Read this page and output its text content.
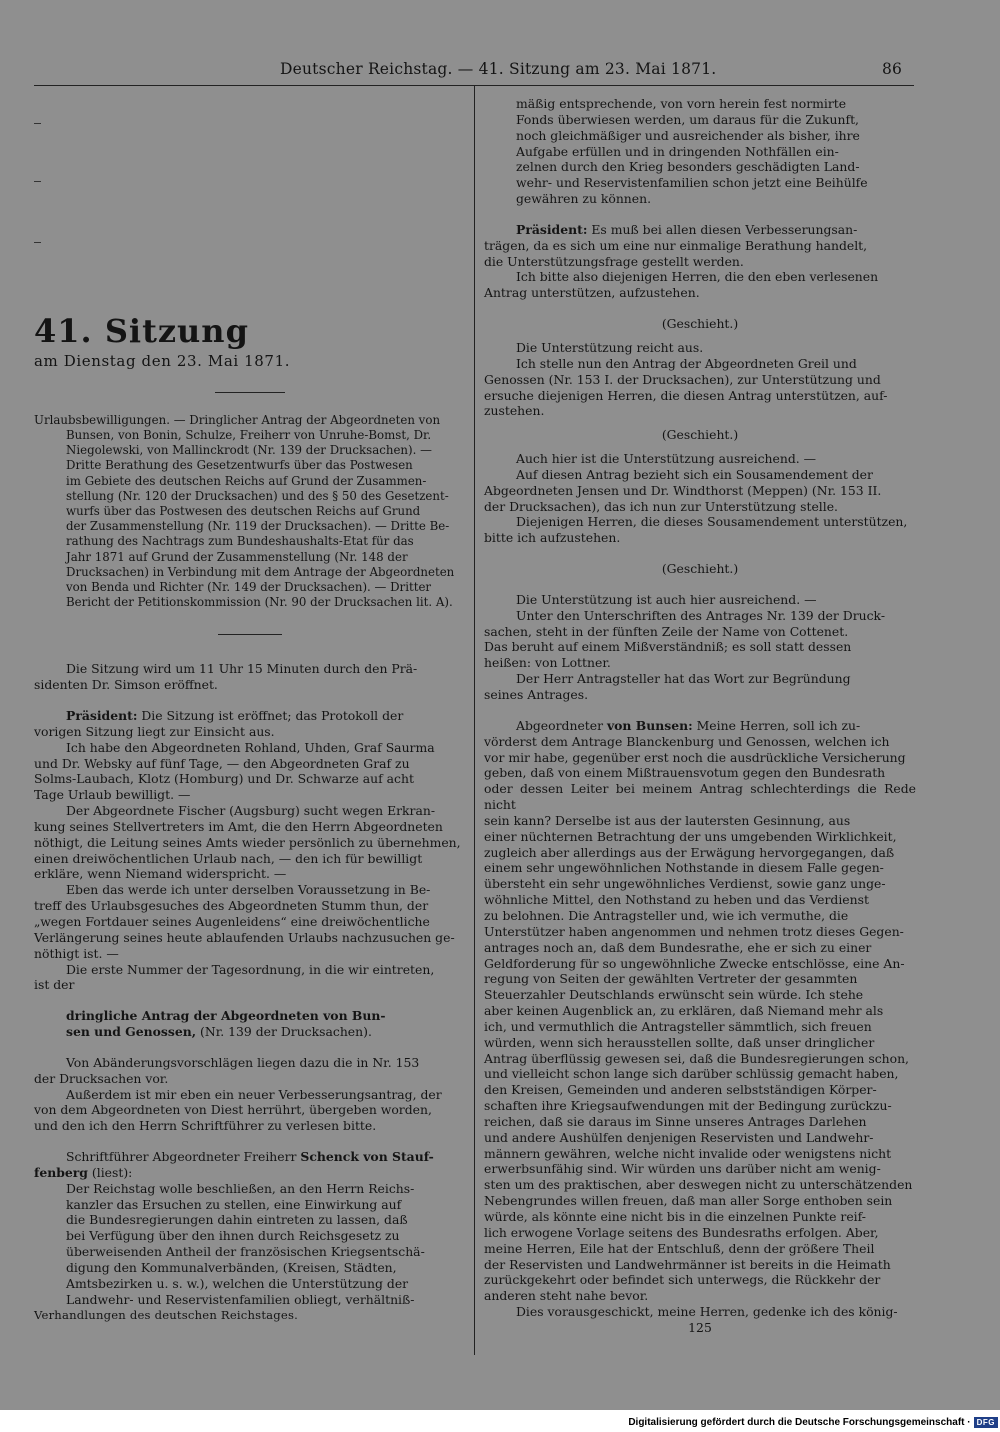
Deutscher Reichstag. — 41. Sitzung am 23. Mai 1871.	86

41. Sitzung

am Dienstag den 23. Mai 1871.

Urlaubsbewilligungen. — Dringlicher Antrag der Abgeordneten von

Bunsen, von Bonin, Schulze, Freiherr von Unruhe-Bomst, Dr.

Niegolewski, von Mallinckrodt (Nr. 139 der Drucksachen). —

Dritte Berathung des Gesetzentwurfs über das Postwesen

im Gebiete des deutschen Reichs auf Grund der Zusammen-

stellung (Nr. 120 der Drucksachen) und des § 50 des Gesetzent-

wurfs über das Postwesen des deutschen Reichs auf Grund

der Zusammenstellung (Nr. 119 der Drucksachen). — Dritte Be-

rathung des Nachtrags zum Bundeshaushalts-Etat für das

Jahr 1871 auf Grund der Zusammenstellung (Nr. 148 der

Drucksachen) in Verbindung mit dem Antrage der Abgeordneten

von Benda und Richter (Nr. 149 der Drucksachen). — Dritter

Bericht der Petitionskommission (Nr. 90 der Drucksachen lit. A).

Die Sitzung wird um 11 Uhr 15 Minuten durch den Prä-

sidenten Dr. Simson eröffnet.

Präsident: Die Sitzung ist eröffnet; das Protokoll der

vorigen Sitzung liegt zur Einsicht aus.

Ich habe den Abgeordneten Rohland, Uhden, Graf Saurma

und Dr. Websky auf fünf Tage, — den Abgeordneten Graf zu

Solms-Laubach, Klotz (Homburg) und Dr. Schwarze auf acht

Tage Urlaub bewilligt. —

Der Abgeordnete Fischer (Augsburg) sucht wegen Erkran-

kung seines Stellvertreters im Amt, die den Herrn Abgeordneten

nöthigt, die Leitung seines Amts wieder persönlich zu übernehmen,

einen dreiwöchentlichen Urlaub nach, — den ich für bewilligt

erkläre, wenn Niemand widerspricht. —

Eben das werde ich unter derselben Voraussetzung in Be-

treff des Urlaubsgesuches des Abgeordneten Stumm thun, der

„wegen Fortdauer seines Augenleidens“ eine dreiwöchentliche

Verlängerung seines heute ablaufenden Urlaubs nachzusuchen ge-

nöthigt ist. —

Die erste Nummer der Tagesordnung, in die wir eintreten,

ist der

dringliche Antrag der Abgeordneten von Bun-

sen und Genossen, (Nr. 139 der Drucksachen).

Von Abänderungsvorschlägen liegen dazu die in Nr. 153

der Drucksachen vor.

Außerdem ist mir eben ein neuer Verbesserungsantrag, der

von dem Abgeordneten von Diest herrührt, übergeben worden,

und den ich den Herrn Schriftführer zu verlesen bitte.

Schriftführer Abgeordneter Freiherr Schenck von Stauf-

fenberg (liest):

Der Reichstag wolle beschließen, an den Herrn Reichs-

kanzler das Ersuchen zu stellen, eine Einwirkung auf

die Bundesregierungen dahin eintreten zu lassen, daß

bei Verfügung über den ihnen durch Reichsgesetz zu

überweisenden Antheil der französischen Kriegsentschä-

digung den Kommunalverbänden, (Kreisen, Städten,

Amtsbezirken u. s. w.), welchen die Unterstützung der

Landwehr- und Reservistenfamilien obliegt, verhältniß-

Verhandlungen des deutschen Reichstages.

mäßig entsprechende, von vorn herein fest normirte

Fonds überwiesen werden, um daraus für die Zukunft,

noch gleichmäßiger und ausreichender als bisher, ihre

Aufgabe erfüllen und in dringenden Nothfällen ein-

zelnen durch den Krieg besonders geschädigten Land-

wehr- und Reservistenfamilien schon jetzt eine Beihülfe

gewähren zu können.

Präsident: Es muß bei allen diesen Verbesserungsan-

trägen, da es sich um eine nur einmalige Berathung handelt,

die Unterstützungsfrage gestellt werden.

Ich bitte also diejenigen Herren, die den eben verlesenen

Antrag unterstützen, aufzustehen.

(Geschieht.)

Die Unterstützung reicht aus.

Ich stelle nun den Antrag der Abgeordneten Greil und

Genossen (Nr. 153 I. der Drucksachen), zur Unterstützung und

ersuche diejenigen Herren, die diesen Antrag unterstützen, auf-

zustehen.

(Geschieht.)

Auch hier ist die Unterstützung ausreichend. —

Auf diesen Antrag bezieht sich ein Sousamendement der

Abgeordneten Jensen und Dr. Windthorst (Meppen) (Nr. 153 II.

der Drucksachen), das ich nun zur Unterstützung stelle.

Diejenigen Herren, die dieses Sousamendement unterstützen,

bitte ich aufzustehen.

(Geschieht.)

Die Unterstützung ist auch hier ausreichend. —

Unter den Unterschriften des Antrages Nr. 139 der Druck-

sachen, steht in der fünften Zeile der Name von Cottenet.

Das beruht auf einem Mißverständniß; es soll statt dessen

heißen: von Lottner.

Der Herr Antragsteller hat das Wort zur Begründung

seines Antrages.

Abgeordneter von Bunsen: Meine Herren, soll ich zu-

vörderst dem Antrage Blanckenburg und Genossen, welchen ich

vor mir habe, gegenüber erst noch die ausdrückliche Versicherung

geben, daß von einem Mißtrauensvotum gegen den Bundesrath

oder dessen Leiter bei meinem Antrag schlechterdings die Rede nicht

sein kann? Derselbe ist aus der lautersten Gesinnung, aus

einer nüchternen Betrachtung der uns umgebenden Wirklichkeit,

zugleich aber allerdings aus der Erwägung hervorgegangen, daß

einem sehr ungewöhnlichen Nothstande in diesem Falle gegen-

übersteht ein sehr ungewöhnliches Verdienst, sowie ganz unge-

wöhnliche Mittel, den Nothstand zu heben und das Verdienst

zu belohnen. Die Antragsteller und, wie ich vermuthe, die

Unterstützer haben angenommen und nehmen trotz dieses Gegen-

antrages noch an, daß dem Bundesrathe, ehe er sich zu einer

Geldforderung für so ungewöhnliche Zwecke entschlösse, eine An-

regung von Seiten der gewählten Vertreter der gesammten

Steuerzahler Deutschlands erwünscht sein würde. Ich stehe

aber keinen Augenblick an, zu erklären, daß Niemand mehr als

ich, und vermuthlich die Antragsteller sämmtlich, sich freuen

würden, wenn sich herausstellen sollte, daß unser dringlicher

Antrag überflüssig gewesen sei, daß die Bundesregierungen schon,

und vielleicht schon lange sich darüber schlüssig gemacht haben,

den Kreisen, Gemeinden und anderen selbstständigen Körper-

schaften ihre Kriegsaufwendungen mit der Bedingung zurückzu-

reichen, daß sie daraus im Sinne unseres Antrages Darlehen

und andere Aushülfen denjenigen Reservisten und Landwehr-

männern gewähren, welche nicht invalide oder wenigstens nicht

erwerbsunfähig sind. Wir würden uns darüber nicht am wenig-

sten um des praktischen, aber deswegen nicht zu unterschätzenden

Nebengrundes willen freuen, daß man aller Sorge enthoben sein

würde, als könnte eine nicht bis in die einzelnen Punkte reif-

lich erwogene Vorlage seitens des Bundesraths erfolgen. Aber,

meine Herren, Eile hat der Entschluß, denn der größere Theil

der Reservisten und Landwehrmänner ist bereits in die Heimath

zurückgekehrt oder befindet sich unterwegs, die Rückkehr der

anderen steht nahe bevor.

Dies vorausgeschickt, meine Herren, gedenke ich des könig-

125

Digitalisierung gefördert durch die Deutsche Forschungsgemeinschaft · DFG
